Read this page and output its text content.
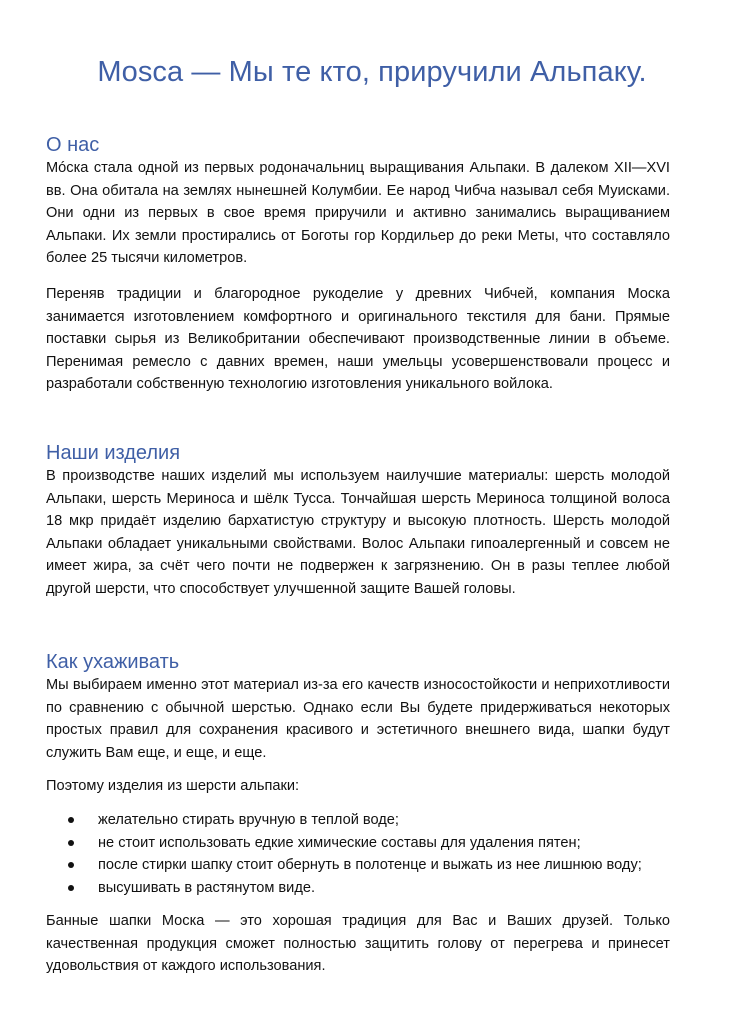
Mosca — Мы те кто, приручили Альпаку.
О нас
Móска стала одной из первых родоначальниц выращивания Альпаки. В далеком XII—XVI вв. Она обитала на землях нынешней Колумбии. Ее народ Чибча называл себя Муисками. Они одни из первых в свое время приручили и активно занимались выращиванием Альпаки. Их земли простирались от Боготы гор Кордильер до реки Меты, что составляло более 25 тысячи километров.
Переняв традиции и благородное рукоделие у древних Чибчей, компания Моска занимается изготовлением комфортного и оригинального текстиля для бани. Прямые поставки сырья из Великобритании обеспечивают производственные линии в объеме. Перенимая ремесло с давних времен, наши умельцы усовершенствовали процесс и разработали собственную технологию изготовления уникального войлока.
Наши изделия
В производстве наших изделий мы используем наилучшие материалы: шерсть молодой Альпаки, шерсть Мериноса и шёлк Тусса. Тончайшая шерсть Мериноса толщиной волоса 18 мкр придаёт изделию бархатистую структуру и высокую плотность. Шерсть молодой Альпаки обладает уникальными свойствами. Волос Альпаки гипоалергенный и совсем не имеет жира, за счёт чего почти не подвержен к загрязнению. Он в разы теплее любой другой шерсти, что способствует улучшенной защите Вашей головы.
Как ухаживать
Мы выбираем именно этот материал из-за его качеств износостойкости и неприхотливости по сравнению с обычной шерстью. Однако если Вы будете придерживаться некоторых простых правил для сохранения красивого и эстетичного внешнего вида, шапки будут служить Вам еще, и еще, и еще.
Поэтому изделия из шерсти альпаки:
желательно стирать вручную в теплой воде;
не стоит использовать едкие химические составы для удаления пятен;
после стирки шапку стоит обернуть в полотенце и выжать из нее лишнюю воду;
высушивать в растянутом виде.
Банные шапки Моска — это хорошая традиция для Вас и Ваших друзей. Только качественная продукция сможет полностью защитить голову от перегрева и принесет удовольствия от каждого использования.
